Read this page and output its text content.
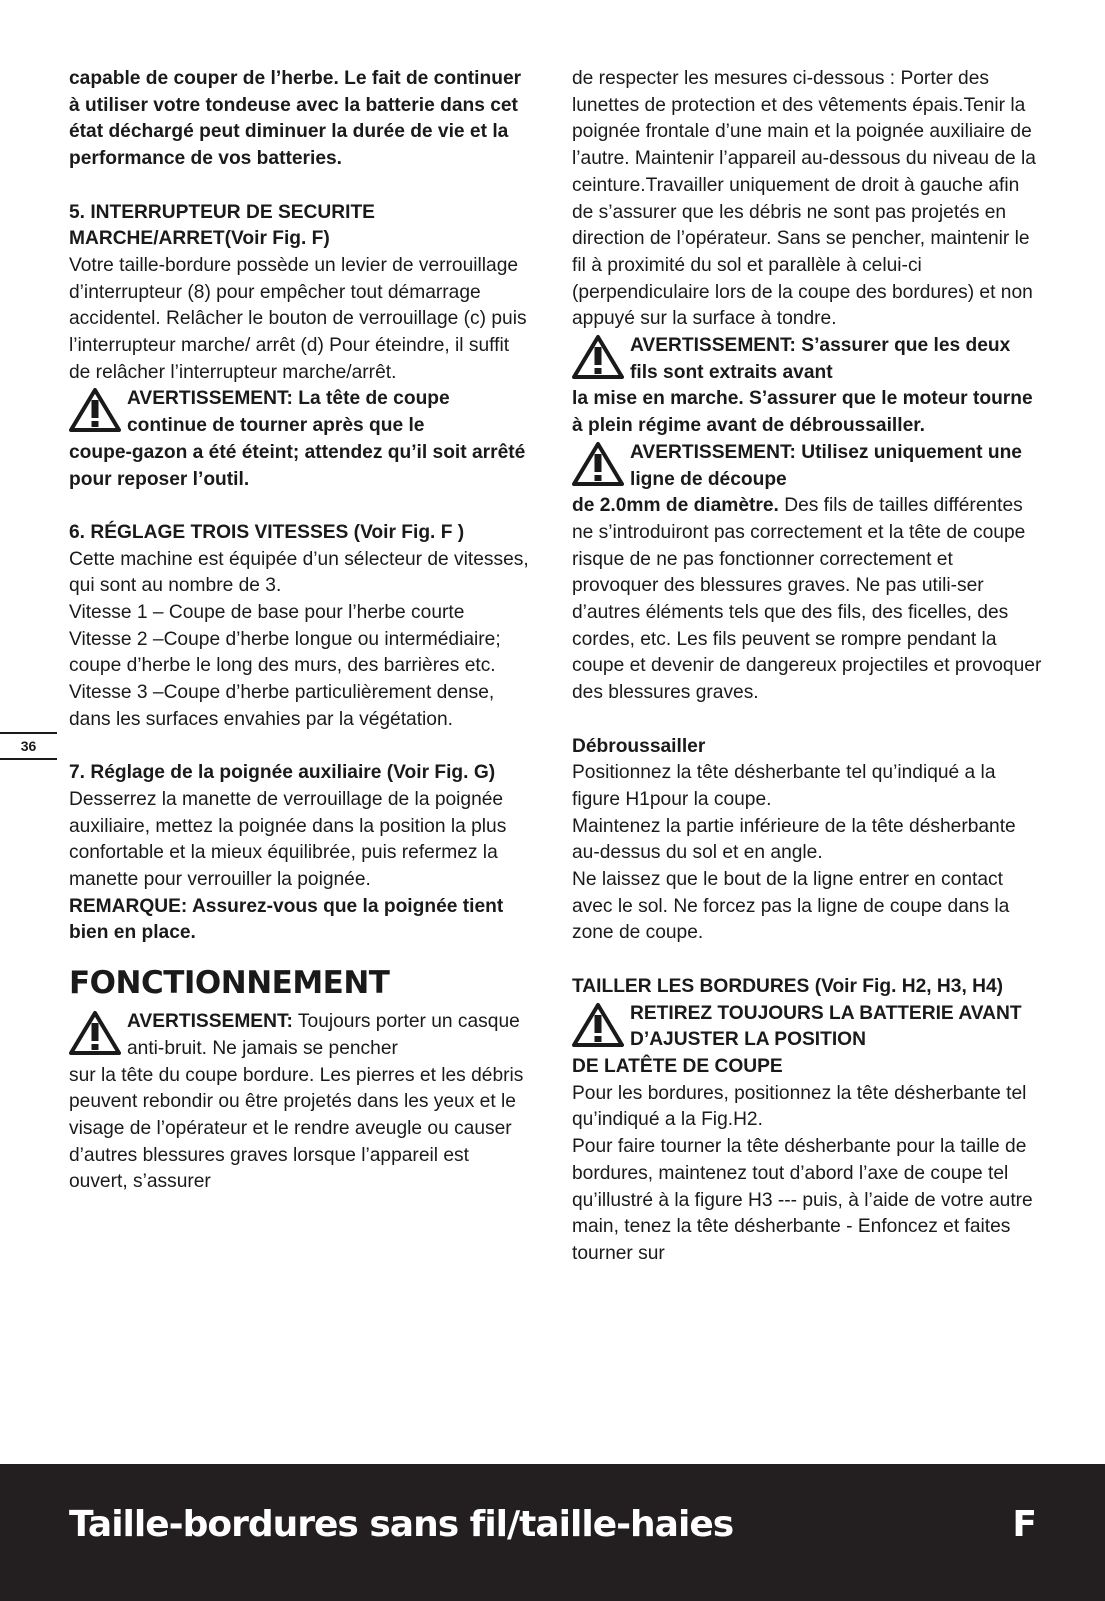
capable de couper de l’herbe. Le fait de continuer à utiliser votre tondeuse avec la batterie dans cet état déchargé peut diminuer la durée de vie et la performance de vos batteries.

5. INTERRUPTEUR DE SECURITE MARCHE/ARRET(Voir Fig. F)

Votre taille-bordure possède un levier de verrouillage d’interrupteur (8) pour empêcher tout démarrage accidentel. Relâcher le bouton de verrouillage (c) puis l’interrupteur marche/ arrêt (d) Pour éteindre, il suffit de relâcher l’interrupteur marche/arrêt.

AVERTISSEMENT: La tête de coupe continue de tourner après que le

coupe-gazon a été éteint; attendez qu’il soit arrêté pour reposer l’outil.

6. RÉGLAGE TROIS VITESSES (Voir Fig. F )

Cette machine est équipée d’un sélecteur de vitesses, qui sont au nombre de 3.

Vitesse 1 – Coupe de base pour l’herbe courte

Vitesse 2 –Coupe d’herbe longue ou intermédiaire; coupe d’herbe le long des murs, des barrières etc.

Vitesse 3 –Coupe d’herbe particulièrement dense, dans les surfaces envahies par la végétation.

7. Réglage de la poignée auxiliaire (Voir Fig. G)

Desserrez la manette de verrouillage de la poignée auxiliaire, mettez la poignée dans la position la plus confortable et la mieux équilibrée, puis refermez la manette pour verrouiller la poignée.

REMARQUE: Assurez-vous que la poignée tient bien en place.

FONCTIONNEMENT
AVERTISSEMENT: Toujours porter un casque anti-bruit. Ne jamais se pencher

sur la tête du coupe bordure. Les pierres et les débris peuvent rebondir ou être projetés dans les yeux et le visage de l’opérateur et le rendre aveugle ou causer d’autres blessures graves lorsque l’appareil est ouvert, s’assurer

de respecter les mesures ci-dessous : Porter des lunettes de protection et des vêtements épais.Tenir la poignée frontale d’une main et la poignée auxiliaire de l’autre. Maintenir l’appareil au-dessous du niveau de la ceinture.Travailler uniquement de droit à gauche afin de s’assurer que les débris ne sont pas projetés en direction de l’opérateur. Sans se pencher, maintenir le fil à proximité du sol et parallèle à celui-ci (perpendiculaire lors de la coupe des bordures) et non appuyé sur la surface à tondre.

AVERTISSEMENT: S’assurer que les deux fils sont extraits avant

la mise en marche. S’assurer que le moteur tourne à plein régime avant de débroussailler.

AVERTISSEMENT: Utilisez uniquement une ligne de découpe

de 2.0mm de diamètre. Des fils de tailles différentes ne s’introduiront pas correctement et la tête de coupe risque de ne pas fonctionner correctement et provoquer des blessures graves. Ne pas utili-ser d’autres éléments tels que des fils, des ficelles, des cordes, etc. Les fils peuvent se rompre pendant la coupe et devenir de dangereux projectiles et provoquer des blessures graves.

Débroussailler

Positionnez la tête désherbante tel qu’indiqué a la figure H1pour la coupe.

Maintenez la partie inférieure de la tête désherbante au-dessus du sol et en angle.

Ne laissez que le bout de la ligne entrer en contact avec le sol. Ne forcez pas la ligne de coupe dans la zone de coupe.

TAILLER LES BORDURES (Voir Fig. H2, H3, H4)

RETIREZ TOUJOURS LA BATTERIE AVANT D’AJUSTER LA POSITION

DE LATÊTE DE COUPE

Pour les bordures, positionnez la tête désherbante tel qu’indiqué a la Fig.H2.

Pour faire tourner la tête désherbante pour la taille de bordures, maintenez tout d’abord l’axe de coupe tel qu’illustré à la figure H3 --- puis, à l’aide de votre autre main, tenez la tête désherbante - Enfoncez et faites tourner sur

36
Taille-bordures sans fil/taille-haies	F
